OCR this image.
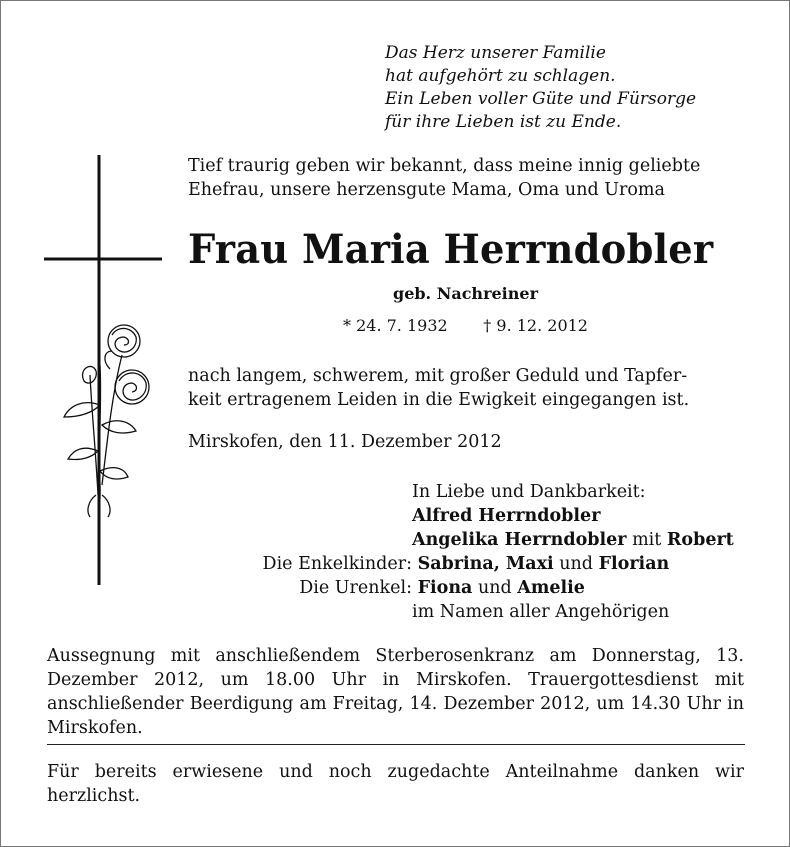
Das Herz unserer Familie
hat aufgehört zu schlagen.
Ein Leben voller Güte und Fürsorge
für ihre Lieben ist zu Ende.
Tief traurig geben wir bekannt, dass meine innig geliebte
Ehefrau, unsere herzensgute Mama, Oma und Uroma
Frau Maria Herrndobler
geb. Nachreiner
* 24. 7. 1932 † 9. 12. 2012
nach langem, schwerem, mit großer Geduld und Tapfer-
keit ertragenem Leiden in die Ewigkeit eingegangen ist.
Mirskofen, den 11. Dezember 2012
In Liebe und Dankbarkeit:
Alfred Herrndobler
Angelika Herrndobler mit Robert
Die Enkelkinder: Sabrina, Maxi und Florian
Die Urenkel: Fiona und Amelie
im Namen aller Angehörigen
Aussegnung mit anschließendem Sterberosenkranz am Donnerstag, 13. Dezember 2012, um 18.00 Uhr in Mirskofen. Trauergottesdienst mit anschließender Beerdigung am Freitag, 14. Dezember 2012, um 14.30 Uhr in Mirskofen.
Für bereits erwiesene und noch zugedachte Anteilnahme danken wir herzlichst.
